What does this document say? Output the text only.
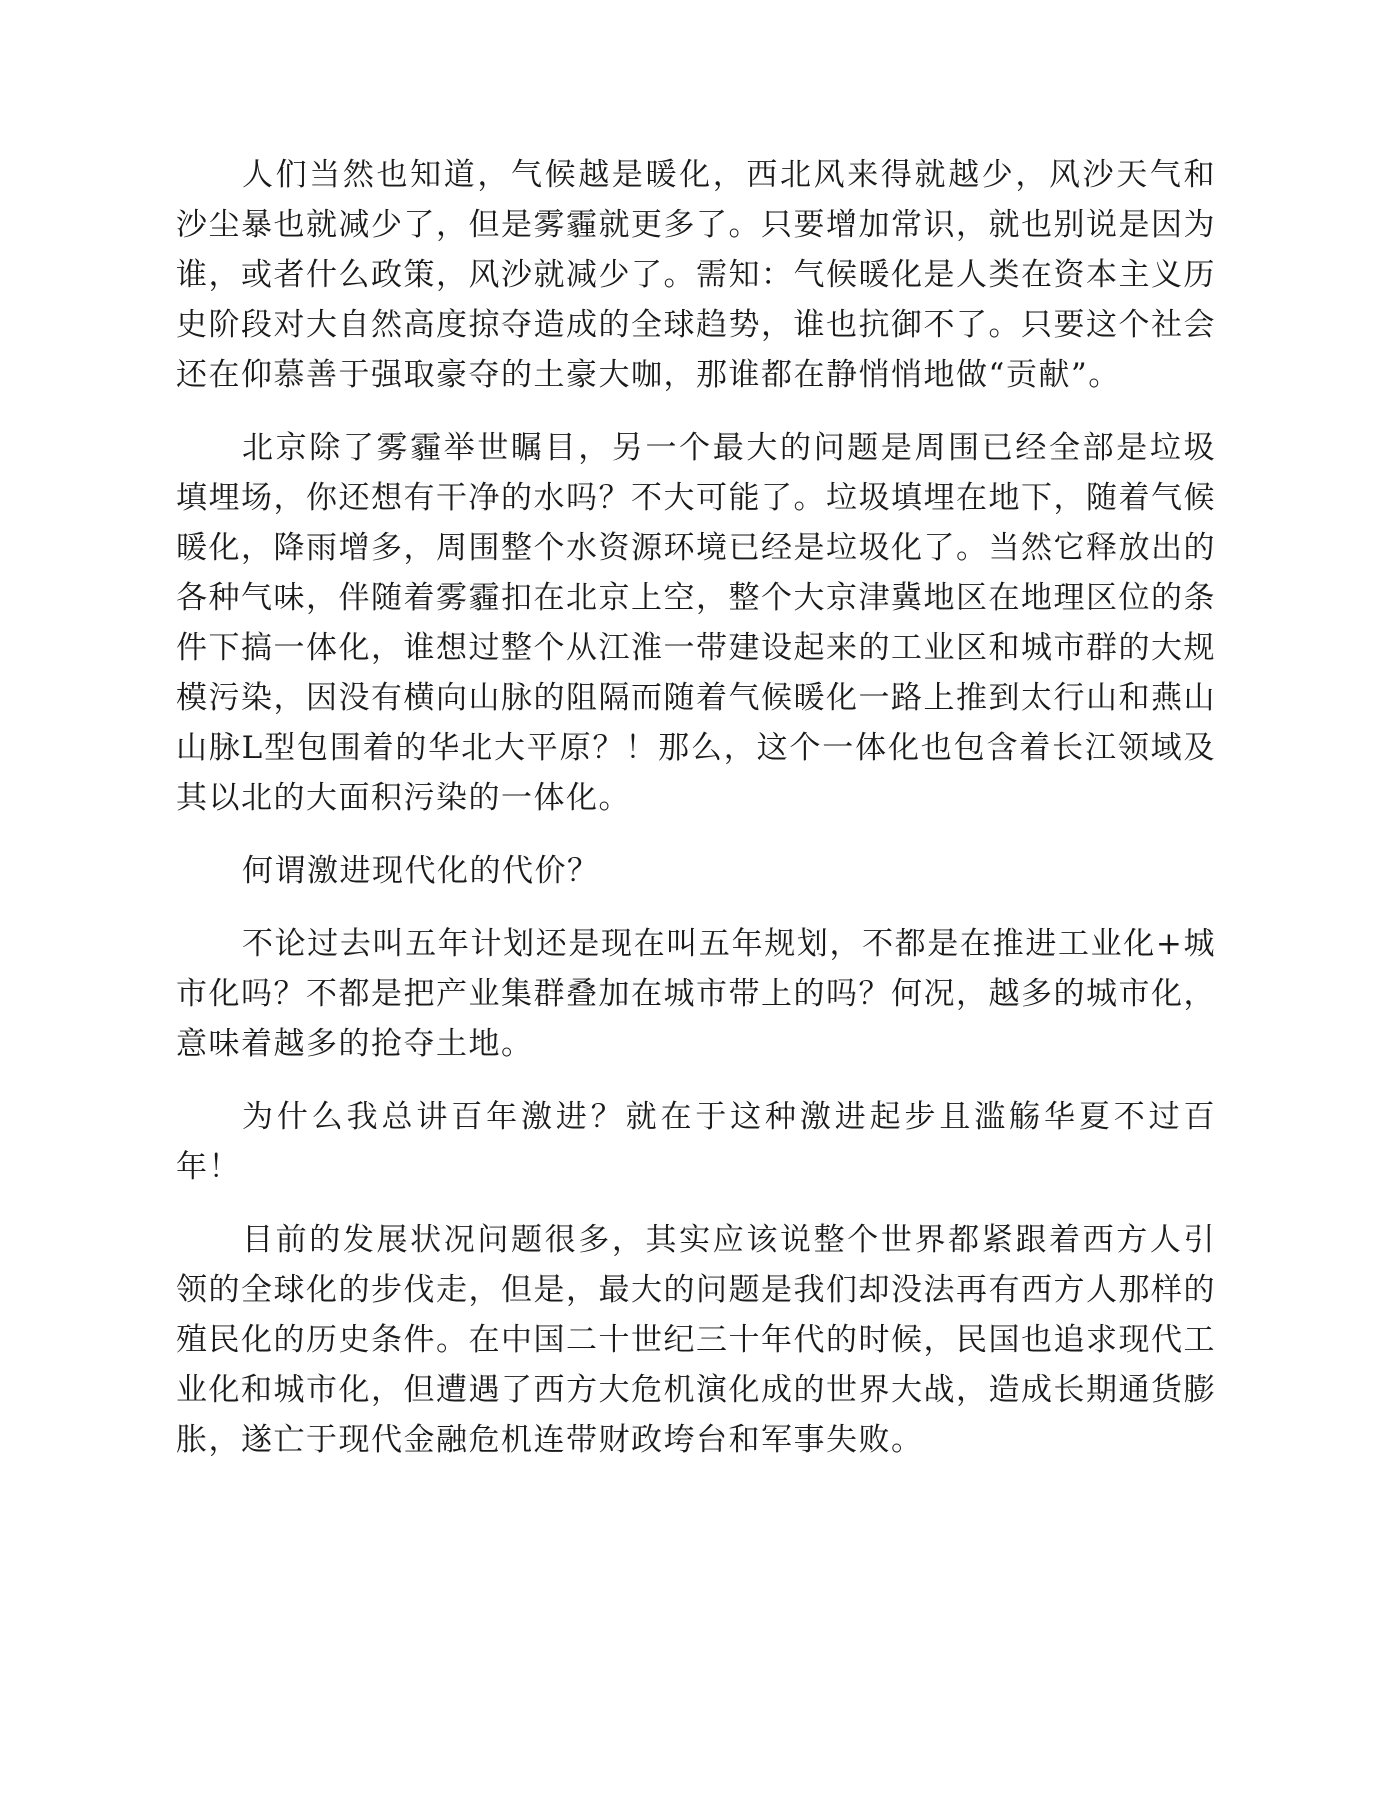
人们当然也知道，气候越是暖化，西北风来得就越少，风沙天气和沙尘暴也就减少了，但是雾霾就更多了。只要增加常识，就也别说是因为谁，或者什么政策，风沙就减少了。需知：气候暖化是人类在资本主义历史阶段对大自然高度掠夺造成的全球趋势，谁也抗御不了。只要这个社会还在仰慕善于强取豪夺的土豪大咖，那谁都在静悄悄地做“贡献”。

北京除了雾霾举世瞩目，另一个最大的问题是周围已经全部是垃圾填埋场，你还想有干净的水吗？不大可能了。垃圾填埋在地下，随着气候暖化，降雨增多，周围整个水资源环境已经是垃圾化了。当然它释放出的各种气味，伴随着雾霾扣在北京上空，整个大京津冀地区在地理区位的条件下搞一体化，谁想过整个从江淮一带建设起来的工业区和城市群的大规模污染，因没有横向山脉的阻隔而随着气候暖化一路上推到太行山和燕山山脉L型包围着的华北大平原？！那么，这个一体化也包含着长江领域及其以北的大面积污染的一体化。

何谓激进现代化的代价？

不论过去叫五年计划还是现在叫五年规划，不都是在推进工业化+城市化吗？不都是把产业集群叠加在城市带上的吗？何况，越多的城市化，意味着越多的抢夺土地。

为什么我总讲百年激进？就在于这种激进起步且滥觞华夏不过百年！

目前的发展状况问题很多，其实应该说整个世界都紧跟着西方人引领的全球化的步伐走，但是，最大的问题是我们却没法再有西方人那样的殖民化的历史条件。在中国二十世纪三十年代的时候，民国也追求现代工业化和城市化，但遭遇了西方大危机演化成的世界大战，造成长期通货膨胀，遂亡于现代金融危机连带财政垮台和军事失败。
